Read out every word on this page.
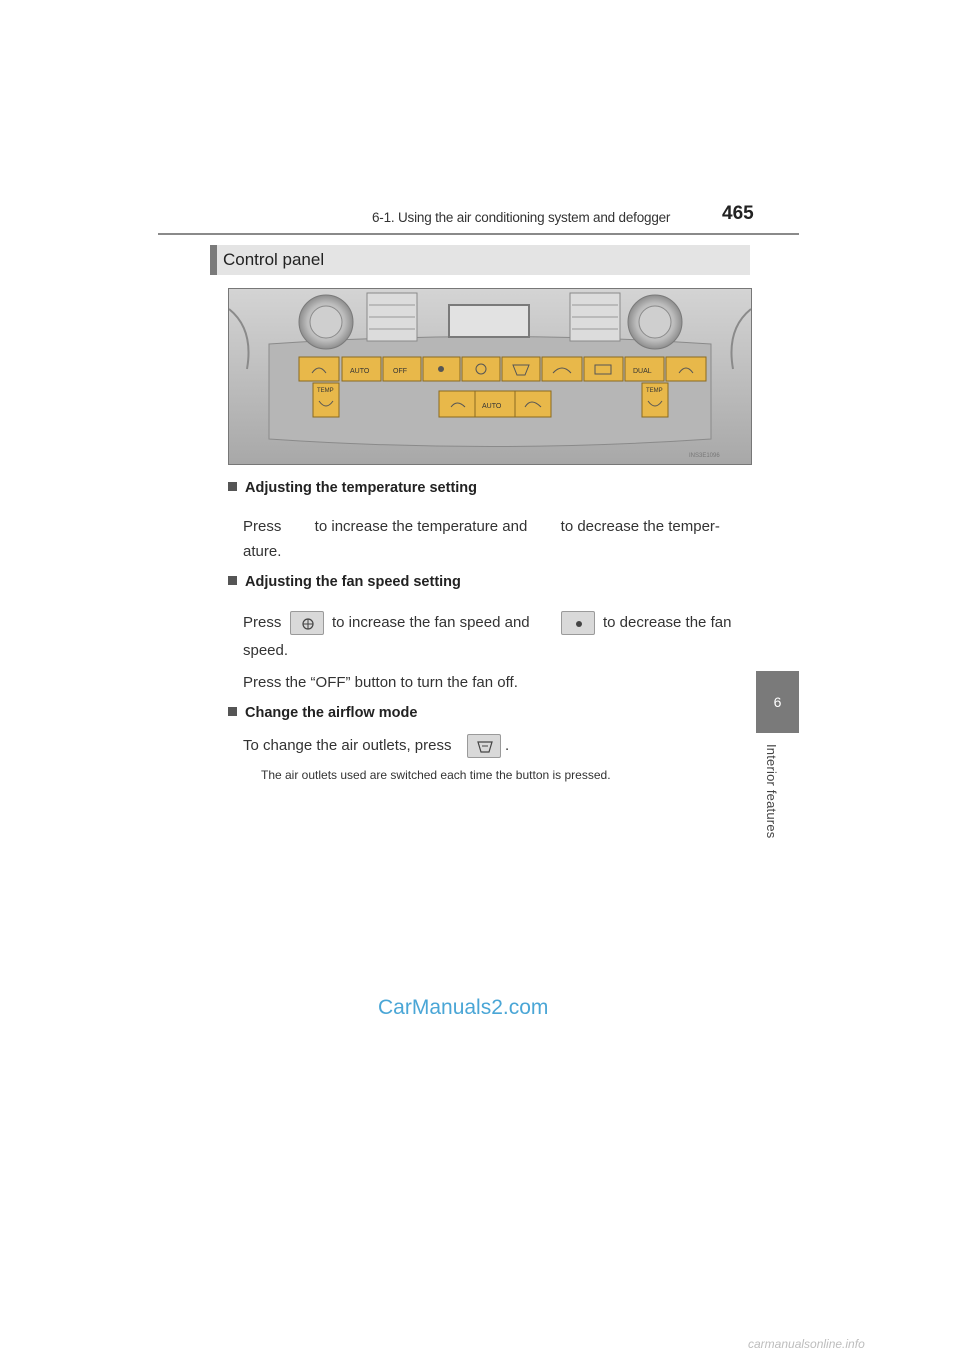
6-1. Using the air conditioning system and defogger	465
6
Interior features
Control panel
AUTO	OFF	DUAL
TEMP	TEMP
AUTO
INS3E1096
Adjusting the temperature setting
Press        to increase the temperature and        to decrease the temper-
ature.
Adjusting the fan speed setting
Press	to increase the fan speed and	to decrease the fan
speed.
Press the “OFF” button to turn the fan off.
Change the airflow mode
To change the air outlets, press	.
The air outlets used are switched each time the button is pressed.
CarManuals2.com
carmanualsonline.info
